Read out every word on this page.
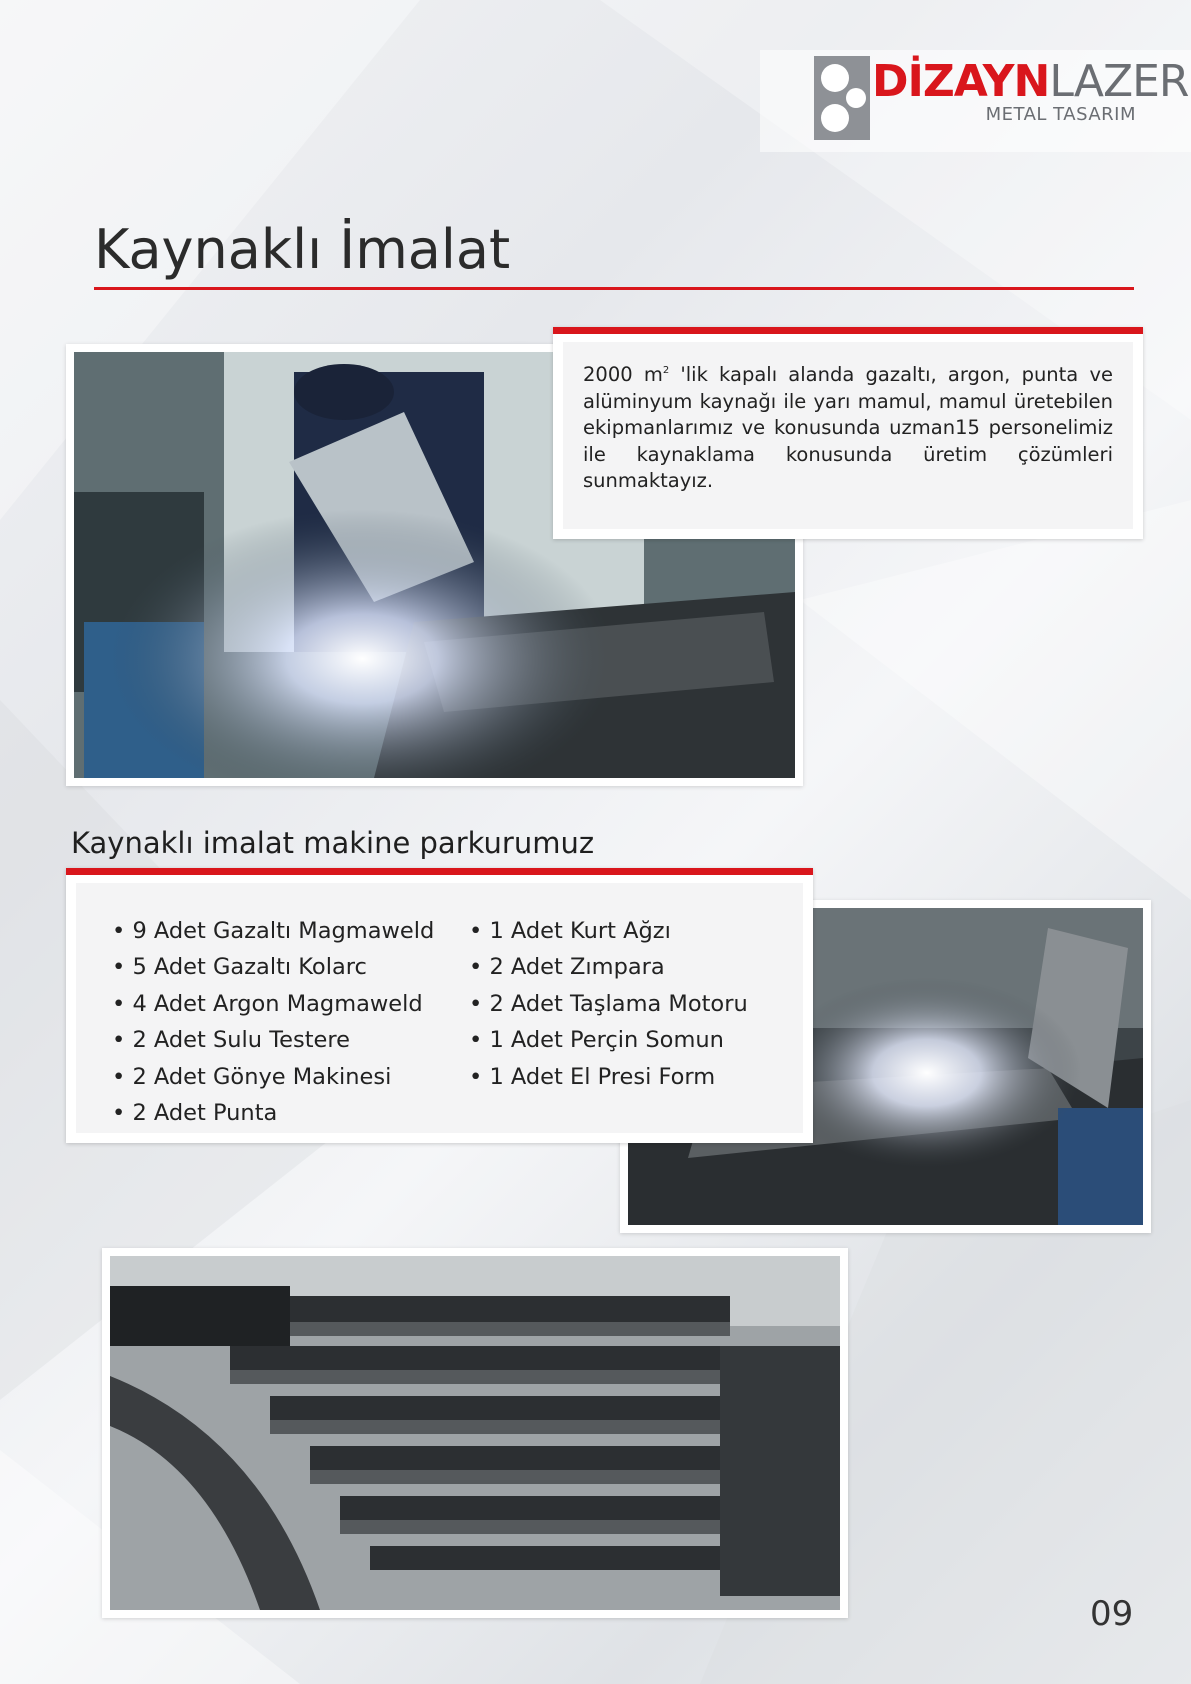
DİZAYNLAZER
METAL TASARIM
Kaynaklı İmalat
2000 $m^2$ 'lik kapalı alanda gazaltı, argon, punta ve alüminyum kaynağı ile yarı mamul, mamul üretebilen ekipmanlarımız ve konusunda uzman15 personelimiz ile kaynaklama konusunda üretim çözümleri sunmaktayız.
Kaynaklı imalat makine parkurumuz
• 9 Adet Gazaltı Magmaweld
• 5 Adet Gazaltı Kolarc
• 4 Adet Argon Magmaweld
• 2 Adet Sulu Testere
• 2 Adet Gönye Makinesi
• 2 Adet Punta
• 1 Adet Kurt Ağzı
• 2 Adet Zımpara
• 2 Adet Taşlama Motoru
• 1 Adet Perçin Somun
• 1 Adet El Presi Form
09
